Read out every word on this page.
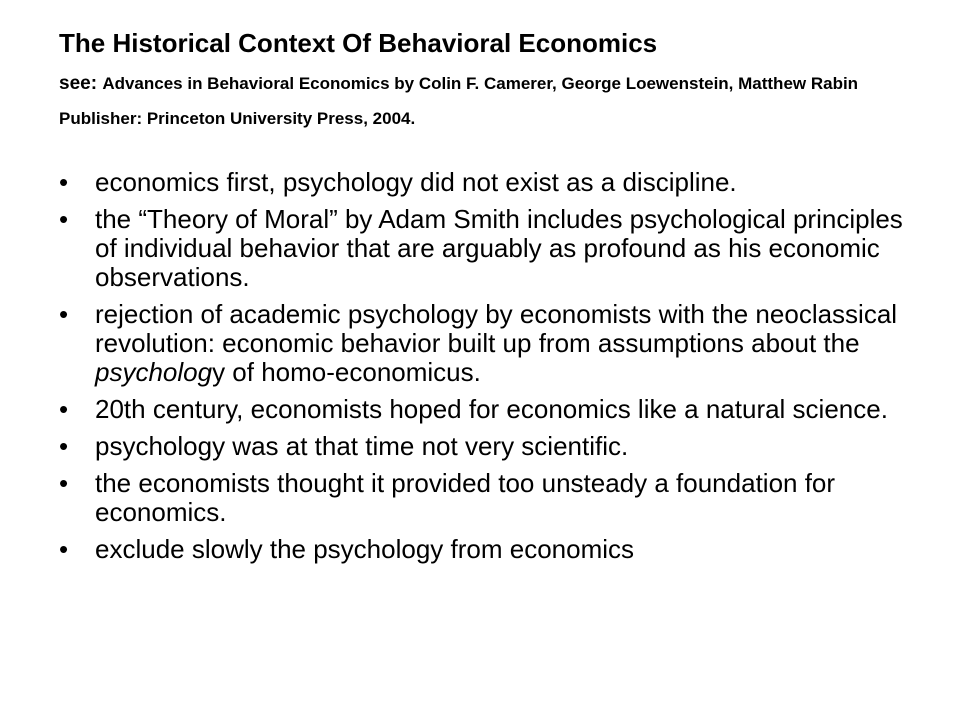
The Historical Context Of Behavioral Economics

see: Advances in Behavioral Economics by Colin F. Camerer, George Loewenstein, Matthew Rabin Publisher: Princeton University Press, 2004.

• economics first, psychology did not exist as a discipline.
• the “Theory of Moral” by Adam Smith includes psychological principles of individual behavior that are arguably as profound as his economic observations.
• rejection of academic psychology by economists with the neoclassical revolution: economic behavior built up from assumptions about the psychology of homo-economicus.
• 20th century, economists hoped for economics like a natural science.
• psychology was at that time not very scientific.
• the economists thought it provided too unsteady a foundation for economics.
• exclude slowly the psychology from economics
